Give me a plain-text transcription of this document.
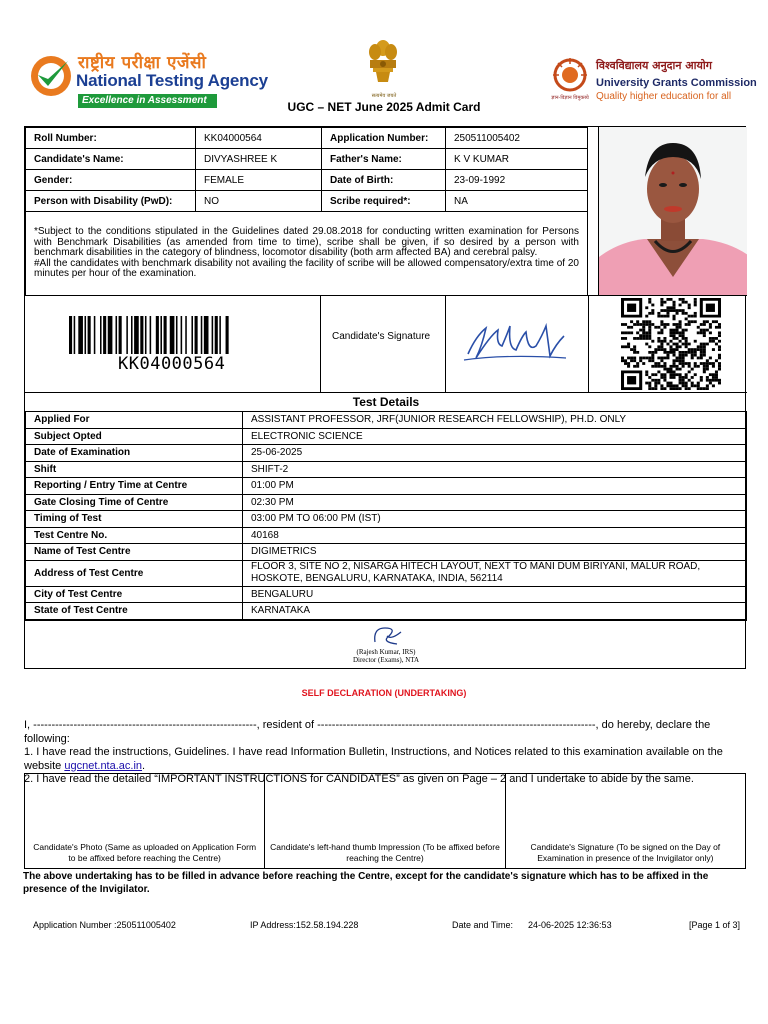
राष्ट्रीय परीक्षा एजेंसी
National Testing Agency
Excellence in Assessment	सत्यमेव जयते
UGC – NET June 2025 Admit Card
ज्ञान-विज्ञान विमुक्तये
विश्वविद्यालय अनुदान आयोग
University Grants Commission
Quality higher education for all
Roll Number:	KK04000564	Application Number:	250511005402
Candidate's Name:	DIVYASHREE K	Father's Name:	K V KUMAR
Gender:	FEMALE	Date of Birth:	23-09-1992
Person with Disability (PwD):	NO	Scribe required*:	NA

*Subject to the conditions stipulated in the Guidelines dated 29.08.2018 for conducting written examination for Persons with Benchmark Disabilities (as amended from time to time), scribe shall be given, if so desired by a person with benchmark disabilities in the category of blindness, locomotor disability (both arm affected BA) and cerebral palsy.
#All the candidates with benchmark disability not availing the facility of scribe will be allowed compensatory/extra time of 20 minutes per hour of the examination.			
KK04000564
Candidate's Signature
Test Details
Applied For	ASSISTANT PROFESSOR, JRF(JUNIOR RESEARCH FELLOWSHIP), PH.D. ONLY
Subject Opted	ELECTRONIC SCIENCE
Date of Examination	25-06-2025
Shift	SHIFT-2
Reporting / Entry Time at Centre	01:00 PM
Gate Closing Time of Centre	02:30 PM
Timing of Test	03:00 PM TO 06:00 PM (IST)
Test Centre No.	40168
Name of Test Centre	DIGIMETRICS
Address of Test Centre	FLOOR 3, SITE NO 2, NISARGA HITECH LAYOUT, NEXT TO MANI DUM BIRIYANI, MALUR ROAD, HOSKOTE, BENGALURU, KARNATAKA, INDIA, 562114
City of Test Centre	BENGALURU
State of Test Centre	KARNATAKA
(Rajesh Kumar, IRS)
Director (Exams), NTA
SELF DECLARATION (UNDERTAKING)
I, -------------------------------------------------------------, resident of ----------------------------------------------------------------------------, do hereby, declare the following:
1. I have read the instructions, Guidelines. I have read Information Bulletin, Instructions, and Notices related to this examination available on the website ugcnet.nta.ac.in.
2. I have read the detailed “IMPORTANT INSTRUCTIONS for CANDIDATES” as given on Page – 2 and I undertake to abide by the same.
Candidate's Photo (Same as uploaded on Application Form to be affixed before reaching the Centre)
Candidate's left-hand thumb Impression (To be affixed before reaching the Centre)
Candidate's Signature (To be signed on the Day of Examination in presence of the Invigilator only)
The above undertaking has to be filled in advance before reaching the Centre, except for the candidate's signature which has to be affixed in the presence of the Invigilator.
Application Number :250511005402	IP Address:152.58.194.228	Date and Time: 24-06-2025 12:36:53	[Page 1 of 3]
